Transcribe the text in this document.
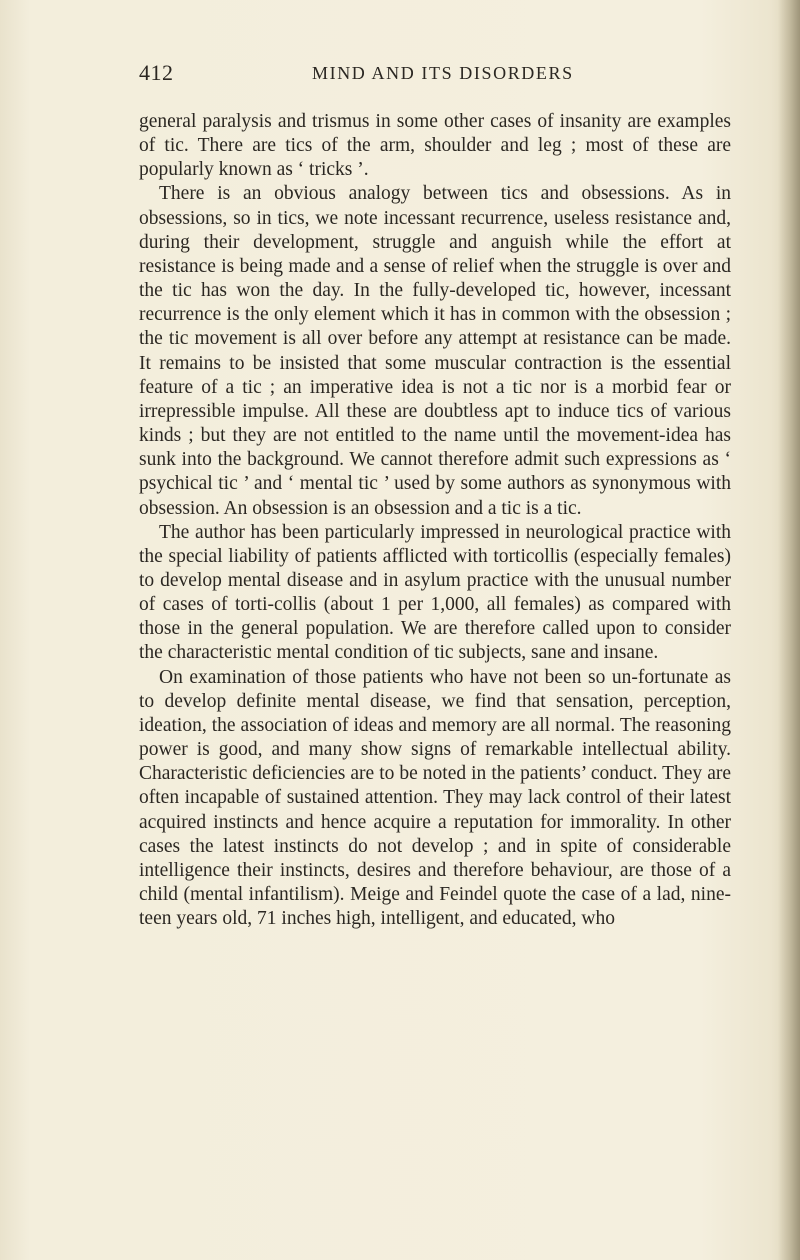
412	MIND AND ITS DISORDERS

general paralysis and trismus in some other cases of insanity are examples of tic. There are tics of the arm, shoulder and leg ; most of these are popularly known as ‘ tricks ’.

There is an obvious analogy between tics and obsessions. As in obsessions, so in tics, we note incessant recurrence, useless resistance and, during their development, struggle and anguish while the effort at resistance is being made and a sense of relief when the struggle is over and the tic has won the day. In the fully-developed tic, however, incessant recurrence is the only element which it has in common with the obsession ; the tic movement is all over before any attempt at resistance can be made. It remains to be insisted that some muscular contraction is the essential feature of a tic ; an imperative idea is not a tic nor is a morbid fear or irrepressible impulse. All these are doubtless apt to induce tics of various kinds ; but they are not entitled to the name until the movement-idea has sunk into the background. We cannot therefore admit such expressions as ‘ psychical tic ’ and ‘ mental tic ’ used by some authors as synonymous with obsession. An obsession is an obsession and a tic is a tic.

The author has been particularly impressed in neurological practice with the special liability of patients afflicted with torticollis (especially females) to develop mental disease and in asylum practice with the unusual number of cases of torti-collis (about 1 per 1,000, all females) as compared with those in the general population. We are therefore called upon to consider the characteristic mental condition of tic subjects, sane and insane.

On examination of those patients who have not been so un-fortunate as to develop definite mental disease, we find that sensation, perception, ideation, the association of ideas and memory are all normal. The reasoning power is good, and many show signs of remarkable intellectual ability. Characteristic deficiencies are to be noted in the patients’ conduct. They are often incapable of sustained attention. They may lack control of their latest acquired instincts and hence acquire a reputation for immorality. In other cases the latest instincts do not develop ; and in spite of considerable intelligence their instincts, desires and therefore behaviour, are those of a child (mental infantilism). Meige and Feindel quote the case of a lad, nine-teen years old, 71 inches high, intelligent, and educated, who
